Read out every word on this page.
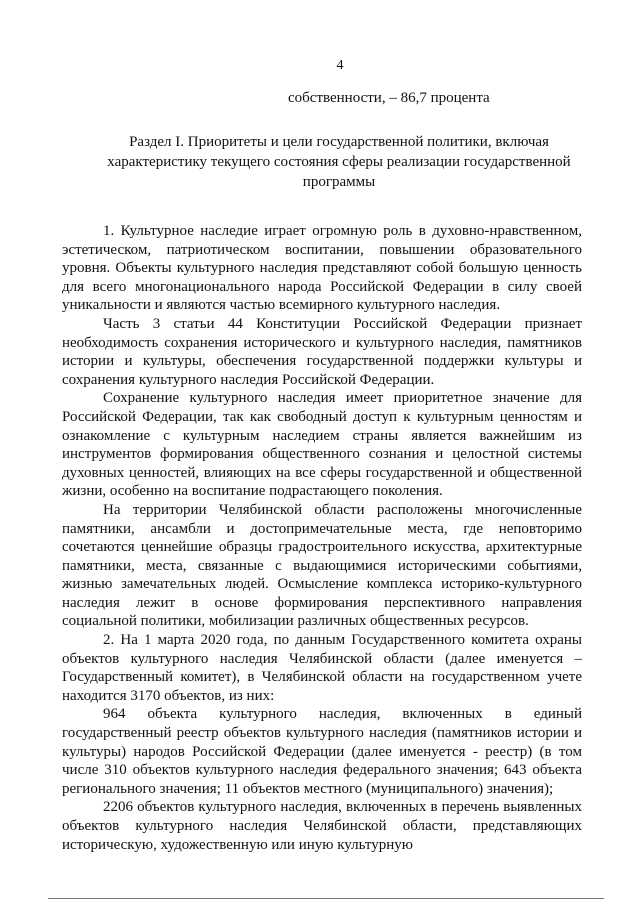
4
собственности, – 86,7 процента
Раздел I. Приоритеты и цели государственной политики, включая характеристику текущего состояния сферы реализации государственной программы

1. Культурное наследие играет огромную роль в духовно-нравственном, эстетическом, патриотическом воспитании, повышении образовательного уровня. Объекты культурного наследия представляют собой большую ценность для всего многонационального народа Российской Федерации в силу своей уникальности и являются частью всемирного культурного наследия.

Часть 3 статьи 44 Конституции Российской Федерации признает необходимость сохранения исторического и культурного наследия, памятников истории и культуры, обеспечения государственной поддержки культуры и сохранения культурного наследия Российской Федерации.

Сохранение культурного наследия имеет приоритетное значение для Российской Федерации, так как свободный доступ к культурным ценностям и ознакомление с культурным наследием страны является важнейшим из инструментов формирования общественного сознания и целостной системы духовных ценностей, влияющих на все сферы государственной и общественной жизни, особенно на воспитание подрастающего поколения.

На территории Челябинской области расположены многочисленные памятники, ансамбли и достопримечательные места, где неповторимо сочетаются ценнейшие образцы градостроительного искусства, архитектурные памятники, места, связанные с выдающимися историческими событиями, жизнью замечательных людей. Осмысление комплекса историко-культурного наследия лежит в основе формирования перспективного направления социальной политики, мобилизации различных общественных ресурсов.

2. На 1 марта 2020 года, по данным Государственного комитета охраны объектов культурного наследия Челябинской области (далее именуется – Государственный комитет), в Челябинской области на государственном учете находится 3170 объектов, из них:

964 объекта культурного наследия, включенных в единый государственный реестр объектов культурного наследия (памятников истории и культуры) народов Российской Федерации (далее именуется - реестр) (в том числе 310 объектов культурного наследия федерального значения; 643 объекта регионального значения; 11 объектов местного (муниципального) значения);

2206 объектов культурного наследия, включенных в перечень выявленных объектов культурного наследия Челябинской области, представляющих историческую, художественную или иную культурную
